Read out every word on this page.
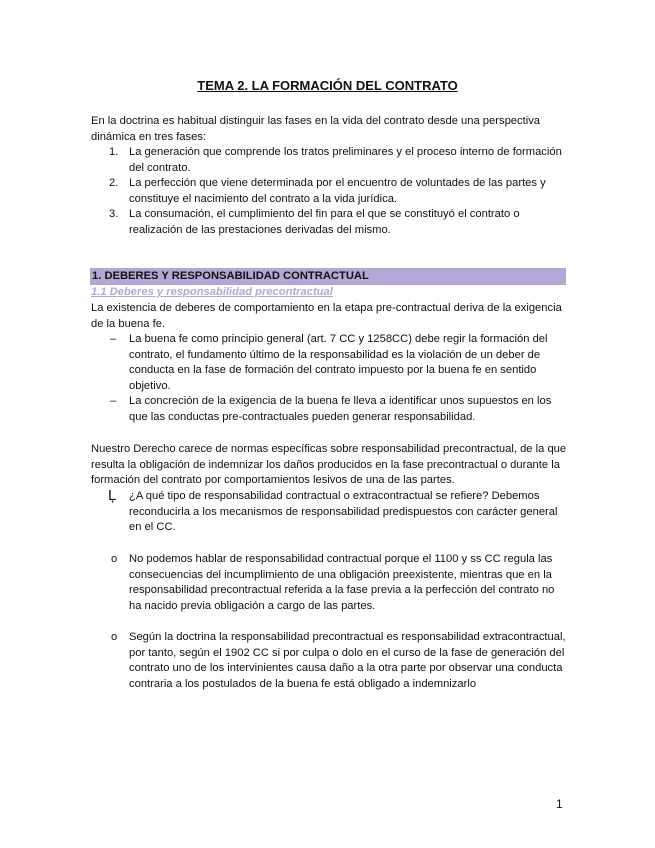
TEMA 2. LA FORMACIÓN DEL CONTRATO

En la doctrina es habitual distinguir las fases en la vida del contrato desde una perspectiva dinámica en tres fases:

1. La generación que comprende los tratos preliminares y el proceso interno de formación del contrato.
2. La perfección que viene determinada por el encuentro de voluntades de las partes y constituye el nacimiento del contrato a la vida jurídica.
3. La consumación, el cumplimiento del fin para el que se constituyó el contrato o realización de las prestaciones derivadas del mismo.
1. DEBERES Y RESPONSABILIDAD CONTRACTUAL
1.1 Deberes y responsabilidad precontractual

La existencia de deberes de comportamiento en la etapa pre-contractual deriva de la exigencia de la buena fe.

– La buena fe como principio general (art. 7 CC y 1258CC) debe regir la formación del contrato, el fundamento último de la responsabilidad es la violación de un deber de conducta en la fase de formación del contrato impuesto por la buena fe en sentido objetivo.
– La concreción de la exigencia de la buena fe lleva a identificar unos supuestos en los que las conductas pre-contractuales pueden generar responsabilidad.

Nuestro Derecho carece de normas específicas sobre responsabilidad precontractual, de la que resulta la obligación de indemnizar los daños producidos en la fase precontractual o durante la formación del contrato por comportamientos lesivos de una de las partes.

Ļ	¿A qué tipo de responsabilidad contractual o extracontractual se refiere? Debemos reconducirla a los mecanismos de responsabilidad predispuestos con carácter general en el CC.
o	No podemos hablar de responsabilidad contractual porque el 1100 y ss CC regula las consecuencias del incumplimiento de una obligación preexistente, mientras que en la responsabilidad precontractual referida a la fase previa a la perfección del contrato no ha nacido previa obligación a cargo de las partes.
o	Según la doctrina la responsabilidad precontractual es responsabilidad extracontractual, por tanto, según el 1902 CC si por culpa o dolo en el curso de la fase de generación del contrato uno de los intervinientes causa daño a la otra parte por observar una conducta contraria a los postulados de la buena fe está obligado a indemnizarlo
1
